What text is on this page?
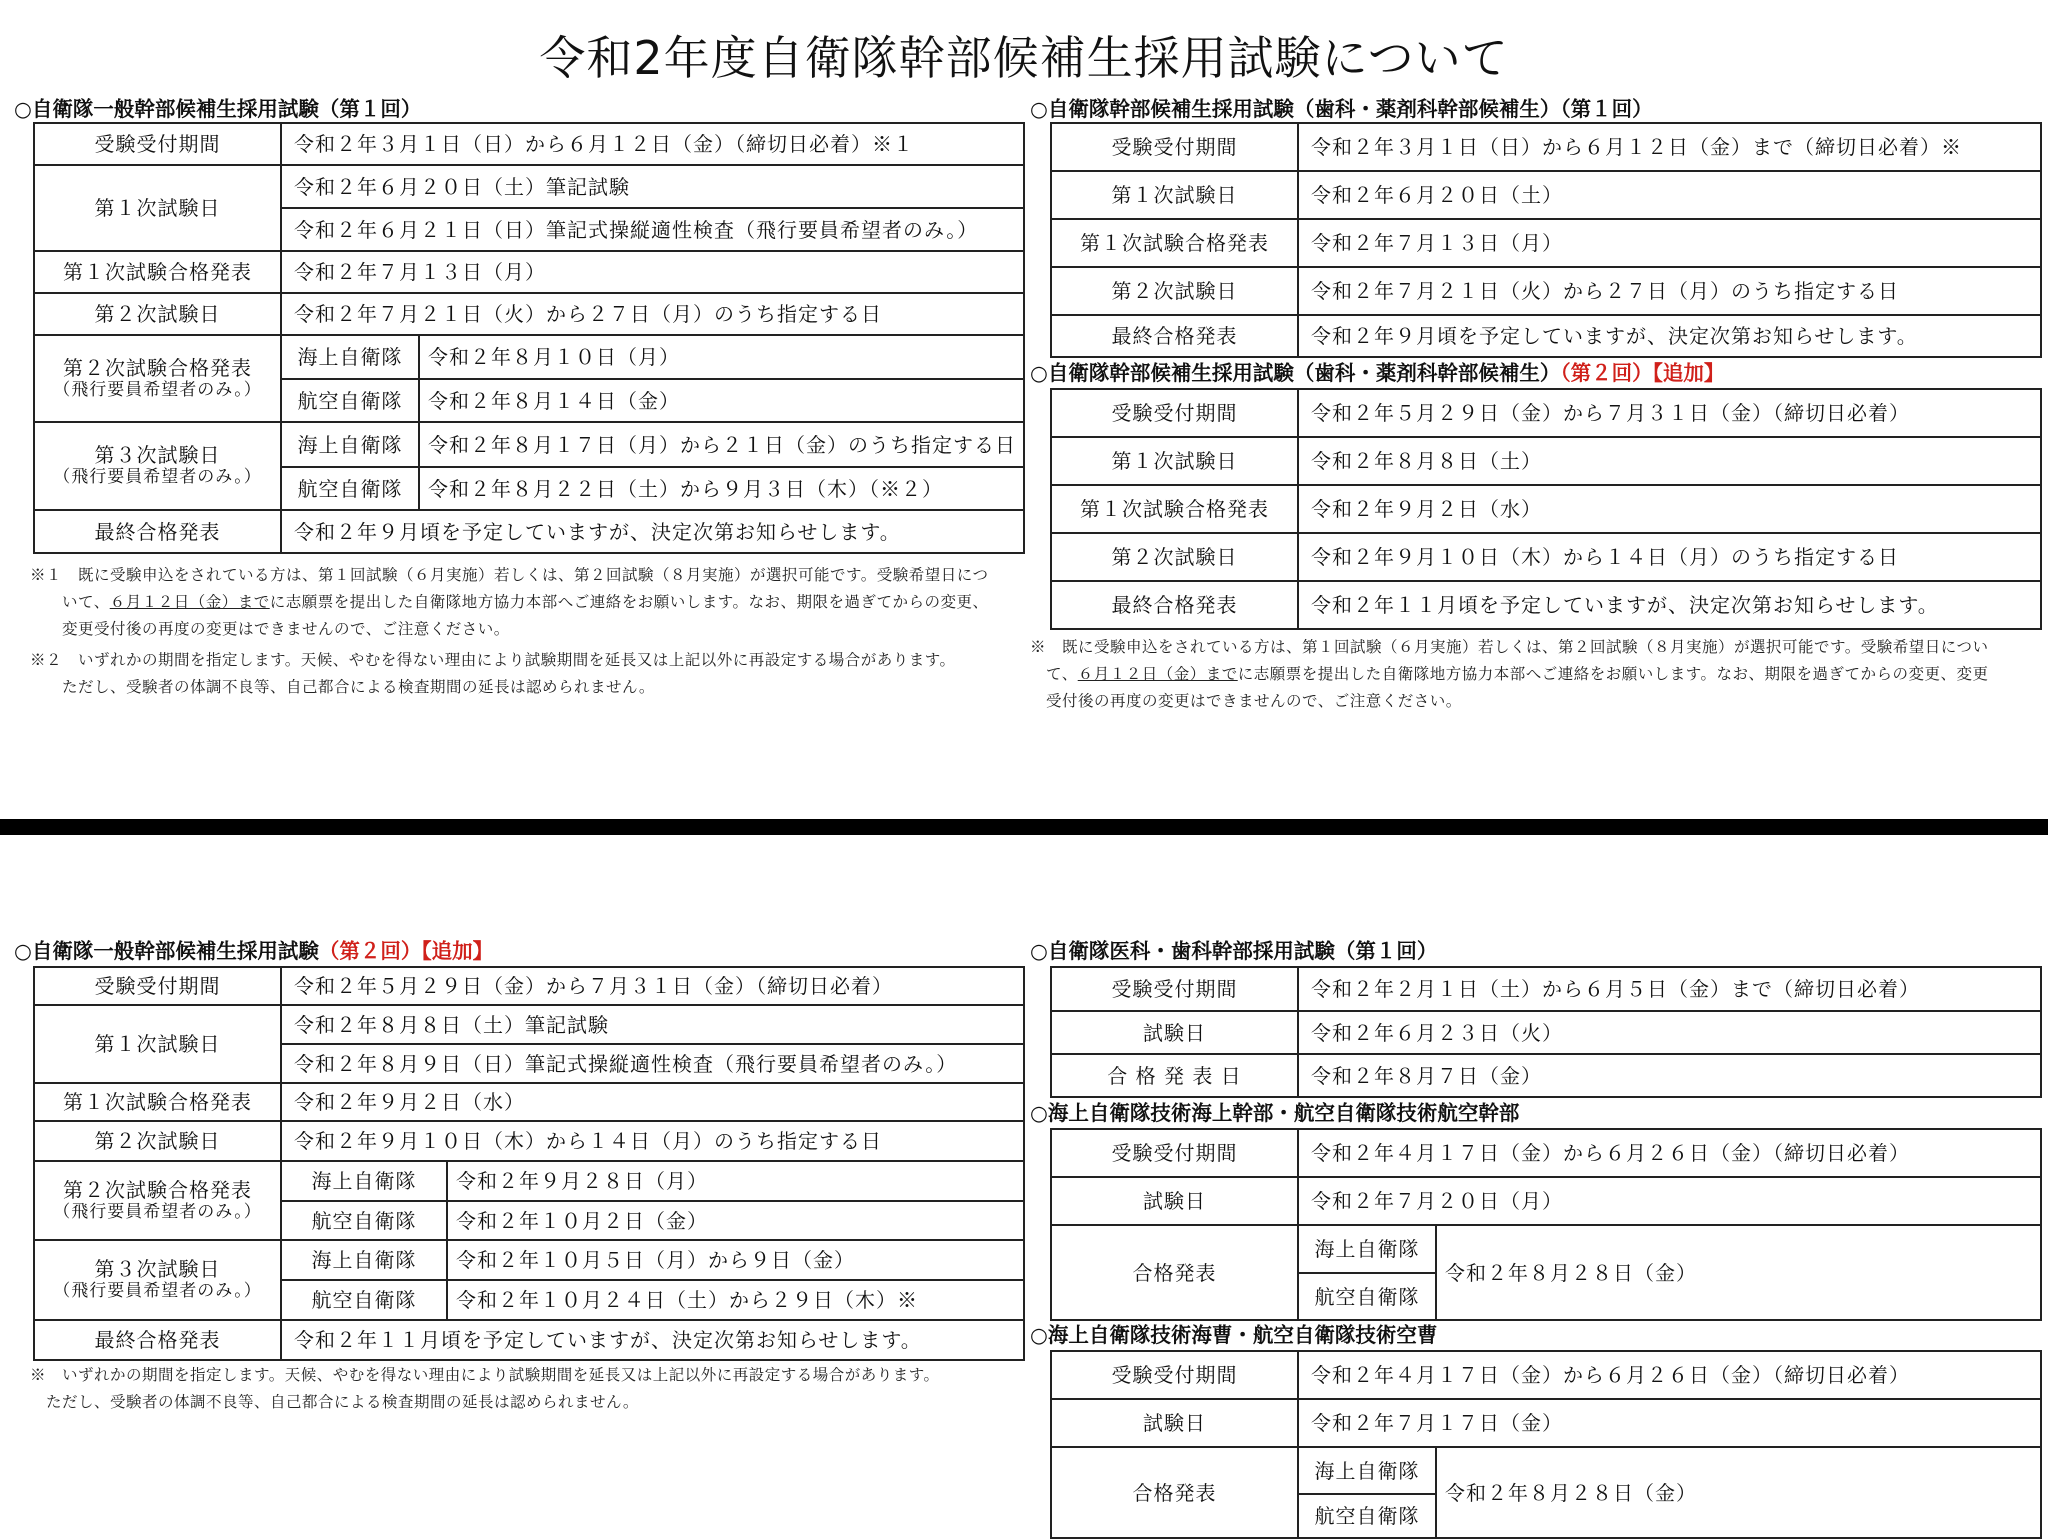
令和2年度自衛隊幹部候補生採用試験について
○自衛隊一般幹部候補生採用試験（第１回）
受験受付期間	令和２年３月１日（日）から６月１２日（金）（締切日必着）※１	
第１次試験日	令和２年６月２０日（土）筆記試験	
	令和２年６月２１日（日）筆記式操縦適性検査（飛行要員希望者のみ。）	
第１次試験合格発表	令和２年７月１３日（月）	
第２次試験日	令和２年７月２１日（火）から２７日（月）のうち指定する日	

第２次試験合格発表
（飛行要員希望者のみ。）	海上自衛隊	令和２年８月１０日（月）
	航空自衛隊	令和２年８月１４日（金）

第３次試験日
（飛行要員希望者のみ。）	海上自衛隊	令和２年８月１７日（月）から２１日（金）のうち指定する日
	航空自衛隊	令和２年８月２２日（土）から９月３日（木）（※２）
最終合格発表	令和２年９月頃を予定していますが、決定次第お知らせします。	
※１　既に受験申込をされている方は、第１回試験（６月実施）若しくは、第２回試験（８月実施）が選択可能です。受験希望日につ
いて、６月１２日（金）までに志願票を提出した自衛隊地方協力本部へご連絡をお願いします。なお、期限を過ぎてからの変更、
変更受付後の再度の変更はできませんので、ご注意ください。
※２　いずれかの期間を指定します。天候、やむを得ない理由により試験期間を延長又は上記以外に再設定する場合があります。
ただし、受験者の体調不良等、自己都合による検査期間の延長は認められません。
○自衛隊幹部候補生採用試験（歯科・薬剤科幹部候補生）（第１回）
受験受付期間	令和２年３月１日（日）から６月１２日（金）まで（締切日必着）※
第１次試験日	令和２年６月２０日（土）
第１次試験合格発表	令和２年７月１３日（月）
第２次試験日	令和２年７月２１日（火）から２７日（月）のうち指定する日
最終合格発表	令和２年９月頃を予定していますが、決定次第お知らせします。
○自衛隊幹部候補生採用試験（歯科・薬剤科幹部候補生）（第２回）【追加】
受験受付期間	令和２年５月２９日（金）から７月３１日（金）（締切日必着）
第１次試験日	令和２年８月８日（土）
第１次試験合格発表	令和２年９月２日（水）
第２次試験日	令和２年９月１０日（木）から１４日（月）のうち指定する日
最終合格発表	令和２年１１月頃を予定していますが、決定次第お知らせします。
※　既に受験申込をされている方は、第１回試験（６月実施）若しくは、第２回試験（８月実施）が選択可能です。受験希望日につい
て、６月１２日（金）までに志願票を提出した自衛隊地方協力本部へご連絡をお願いします。なお、期限を過ぎてからの変更、変更
受付後の再度の変更はできませんので、ご注意ください。
○自衛隊一般幹部候補生採用試験（第２回）【追加】
受験受付期間	令和２年５月２９日（金）から７月３１日（金）（締切日必着）	
第１次試験日	令和２年８月８日（土）筆記試験	
	令和２年８月９日（日）筆記式操縦適性検査（飛行要員希望者のみ。）	
第１次試験合格発表	令和２年９月２日（水）	
第２次試験日	令和２年９月１０日（木）から１４日（月）のうち指定する日	

第２次試験合格発表
（飛行要員希望者のみ。）	海上自衛隊	令和２年９月２８日（月）
	航空自衛隊	令和２年１０月２日（金）

第３次試験日
（飛行要員希望者のみ。）	海上自衛隊	令和２年１０月５日（月）から９日（金）
	航空自衛隊	令和２年１０月２４日（土）から２９日（木）※
最終合格発表	令和２年１１月頃を予定していますが、決定次第お知らせします。	
※　いずれかの期間を指定します。天候、やむを得ない理由により試験期間を延長又は上記以外に再設定する場合があります。
ただし、受験者の体調不良等、自己都合による検査期間の延長は認められません。
○自衛隊医科・歯科幹部採用試験（第１回）
受験受付期間	令和２年２月１日（土）から６月５日（金）まで（締切日必着）
試験日	令和２年６月２３日（火）
合 格 発 表 日	令和２年８月７日（金）
○海上自衛隊技術海上幹部・航空自衛隊技術航空幹部
受験受付期間	令和２年４月１７日（金）から６月２６日（金）（締切日必着）	
試験日	令和２年７月２０日（月）	
合格発表	海上自衛隊	令和２年８月２８日（金）
	航空自衛隊	
○海上自衛隊技術海曹・航空自衛隊技術空曹
受験受付期間	令和２年４月１７日（金）から６月２６日（金）（締切日必着）	
試験日	令和２年７月１７日（金）	
合格発表	海上自衛隊	令和２年８月２８日（金）
	航空自衛隊	
